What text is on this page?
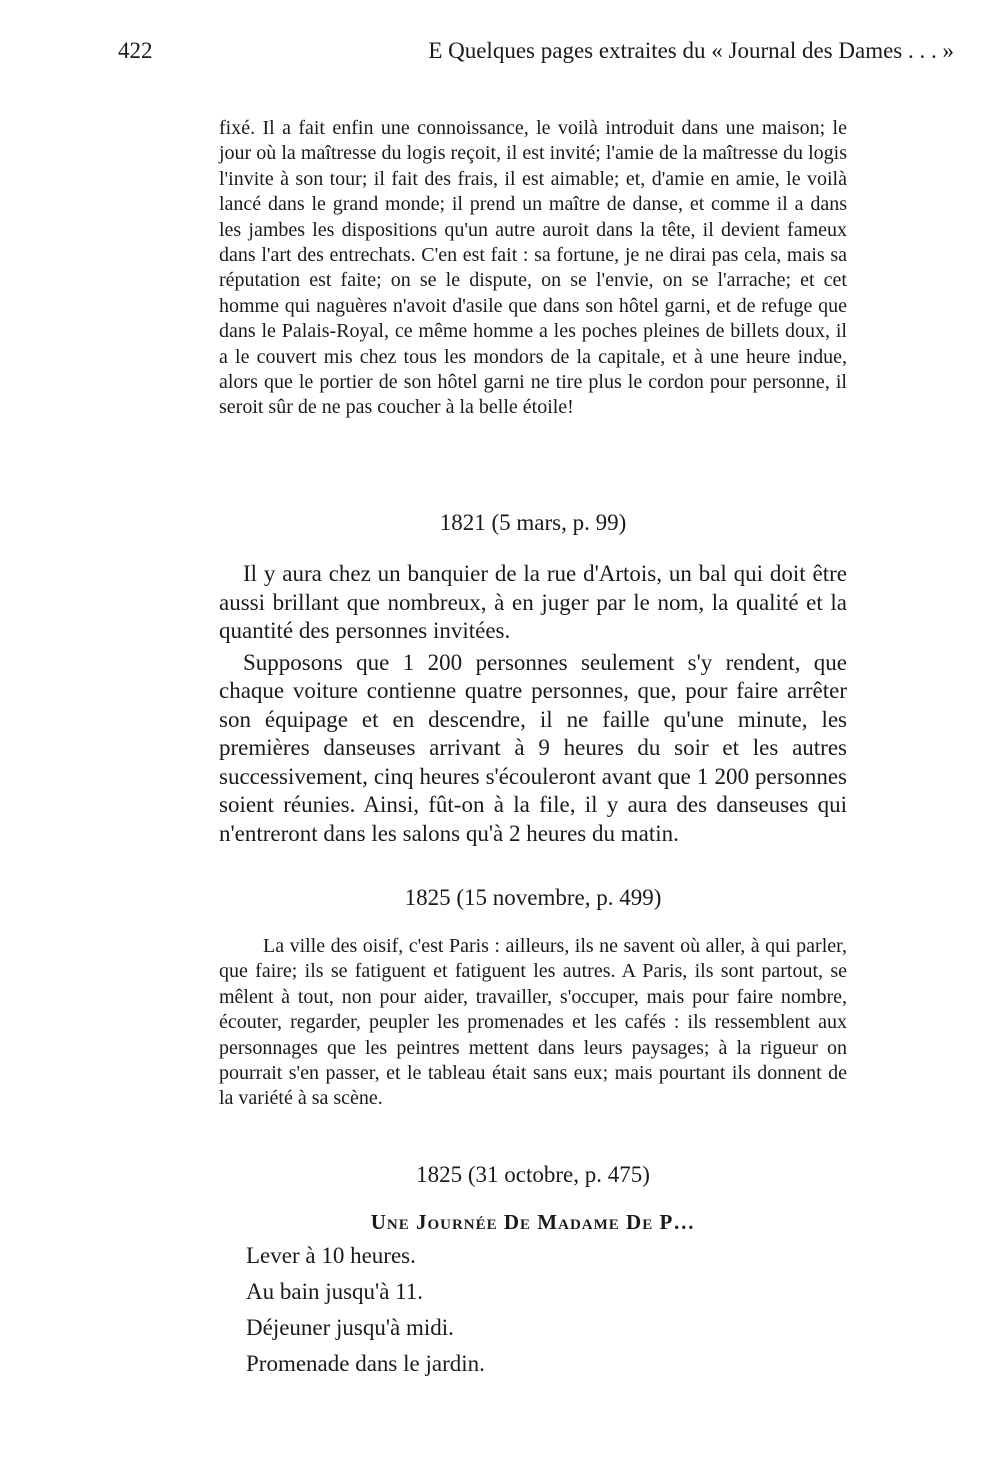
422	E Quelques pages extraites du « Journal des Dames . . . »

fixé. Il a fait enfin une connoissance, le voilà introduit dans une maison; le jour où la maîtresse du logis reçoit, il est invité; l'amie de la maîtresse du logis l'invite à son tour; il fait des frais, il est aimable; et, d'amie en amie, le voilà lancé dans le grand monde; il prend un maître de danse, et comme il a dans les jambes les dispositions qu'un autre auroit dans la tête, il devient fameux dans l'art des entrechats. C'en est fait : sa fortune, je ne dirai pas cela, mais sa réputation est faite; on se le dispute, on se l'envie, on se l'arrache; et cet homme qui naguères n'avoit d'asile que dans son hôtel garni, et de refuge que dans le Palais-Royal, ce même homme a les poches pleines de billets doux, il a le couvert mis chez tous les mondors de la capitale, et à une heure indue, alors que le portier de son hôtel garni ne tire plus le cordon pour personne, il seroit sûr de ne pas coucher à la belle étoile!

1821 (5 mars, p. 99)

Il y aura chez un banquier de la rue d'Artois, un bal qui doit être aussi brillant que nombreux, à en juger par le nom, la qualité et la quantité des personnes invitées.

Supposons que 1 200 personnes seulement s'y rendent, que chaque voiture contienne quatre personnes, que, pour faire arrêter son équipage et en descendre, il ne faille qu'une minute, les premières danseuses arrivant à 9 heures du soir et les autres successivement, cinq heures s'écouleront avant que 1 200 personnes soient réunies. Ainsi, fût-on à la file, il y aura des danseuses qui n'entreront dans les salons qu'à 2 heures du matin.

1825 (15 novembre, p. 499)

La ville des oisif, c'est Paris : ailleurs, ils ne savent où aller, à qui parler, que faire; ils se fatiguent et fatiguent les autres. A Paris, ils sont partout, se mêlent à tout, non pour aider, travailler, s'occuper, mais pour faire nombre, écouter, regarder, peupler les promenades et les cafés : ils ressemblent aux personnages que les peintres mettent dans leurs paysages; à la rigueur on pourrait s'en passer, et le tableau était sans eux; mais pourtant ils donnent de la variété à sa scène.

1825 (31 octobre, p. 475)
Une Journée De Madame De P…
Lever à 10 heures.
Au bain jusqu'à 11.
Déjeuner jusqu'à midi.
Promenade dans le jardin.
